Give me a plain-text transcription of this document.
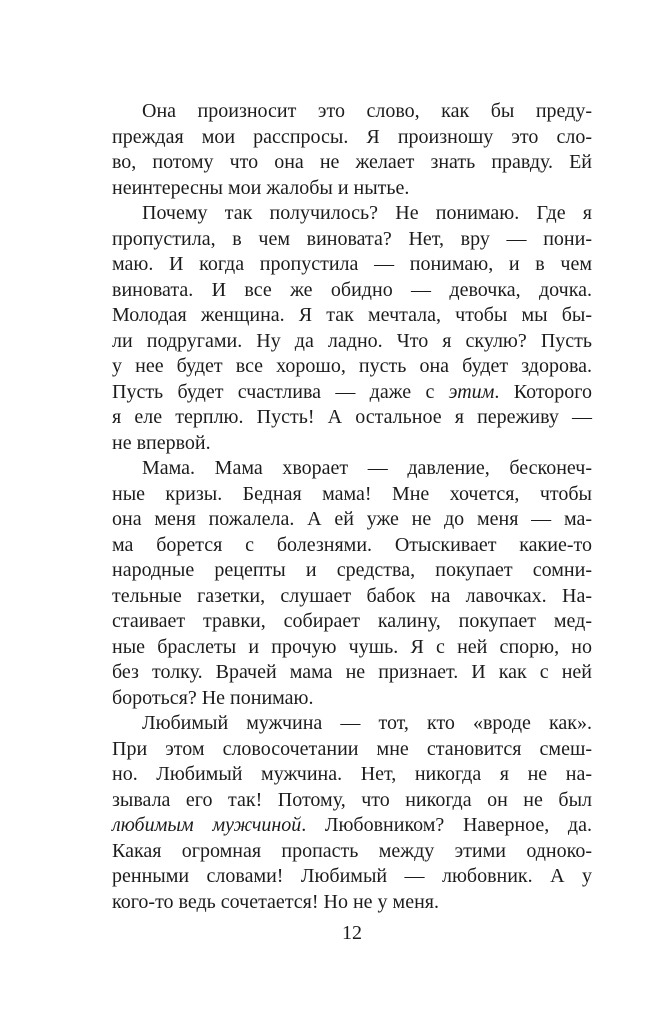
Она произносит это слово, как бы преду-
преждая мои расспросы. Я произношу это сло-
во, потому что она не желает знать правду. Ей
неинтересны мои жалобы и нытье.
Почему так получилось? Не понимаю. Где я
пропустила, в чем виновата? Нет, вру — пони-
маю. И когда пропустила — понимаю, и в чем
виновата. И все же обидно — девочка, дочка.
Молодая женщина. Я так мечтала, чтобы мы бы-
ли подругами. Ну да ладно. Что я скулю? Пусть
у нее будет все хорошо, пусть она будет здорова.
Пусть будет счастлива — даже с этим. Которого
я еле терплю. Пусть! А остальное я переживу —
не впервой.
Мама. Мама хворает — давление, бесконеч-
ные кризы. Бедная мама! Мне хочется, чтобы
она меня пожалела. А ей уже не до меня — ма-
ма борется с болезнями. Отыскивает какие-то
народные рецепты и средства, покупает сомни-
тельные газетки, слушает бабок на лавочках. На-
стаивает травки, собирает калину, покупает мед-
ные браслеты и прочую чушь. Я с ней спорю, но
без толку. Врачей мама не признает. И как с ней
бороться? Не понимаю.
Любимый мужчина — тот, кто «вроде как».
При этом словосочетании мне становится смеш-
но. Любимый мужчина. Нет, никогда я не на-
зывала его так! Потому, что никогда он не был
любимым мужчиной. Любовником? Наверное, да.
Какая огромная пропасть между этими одноко-
ренными словами! Любимый — любовник. А у
кого-то ведь сочетается! Но не у меня.
12
